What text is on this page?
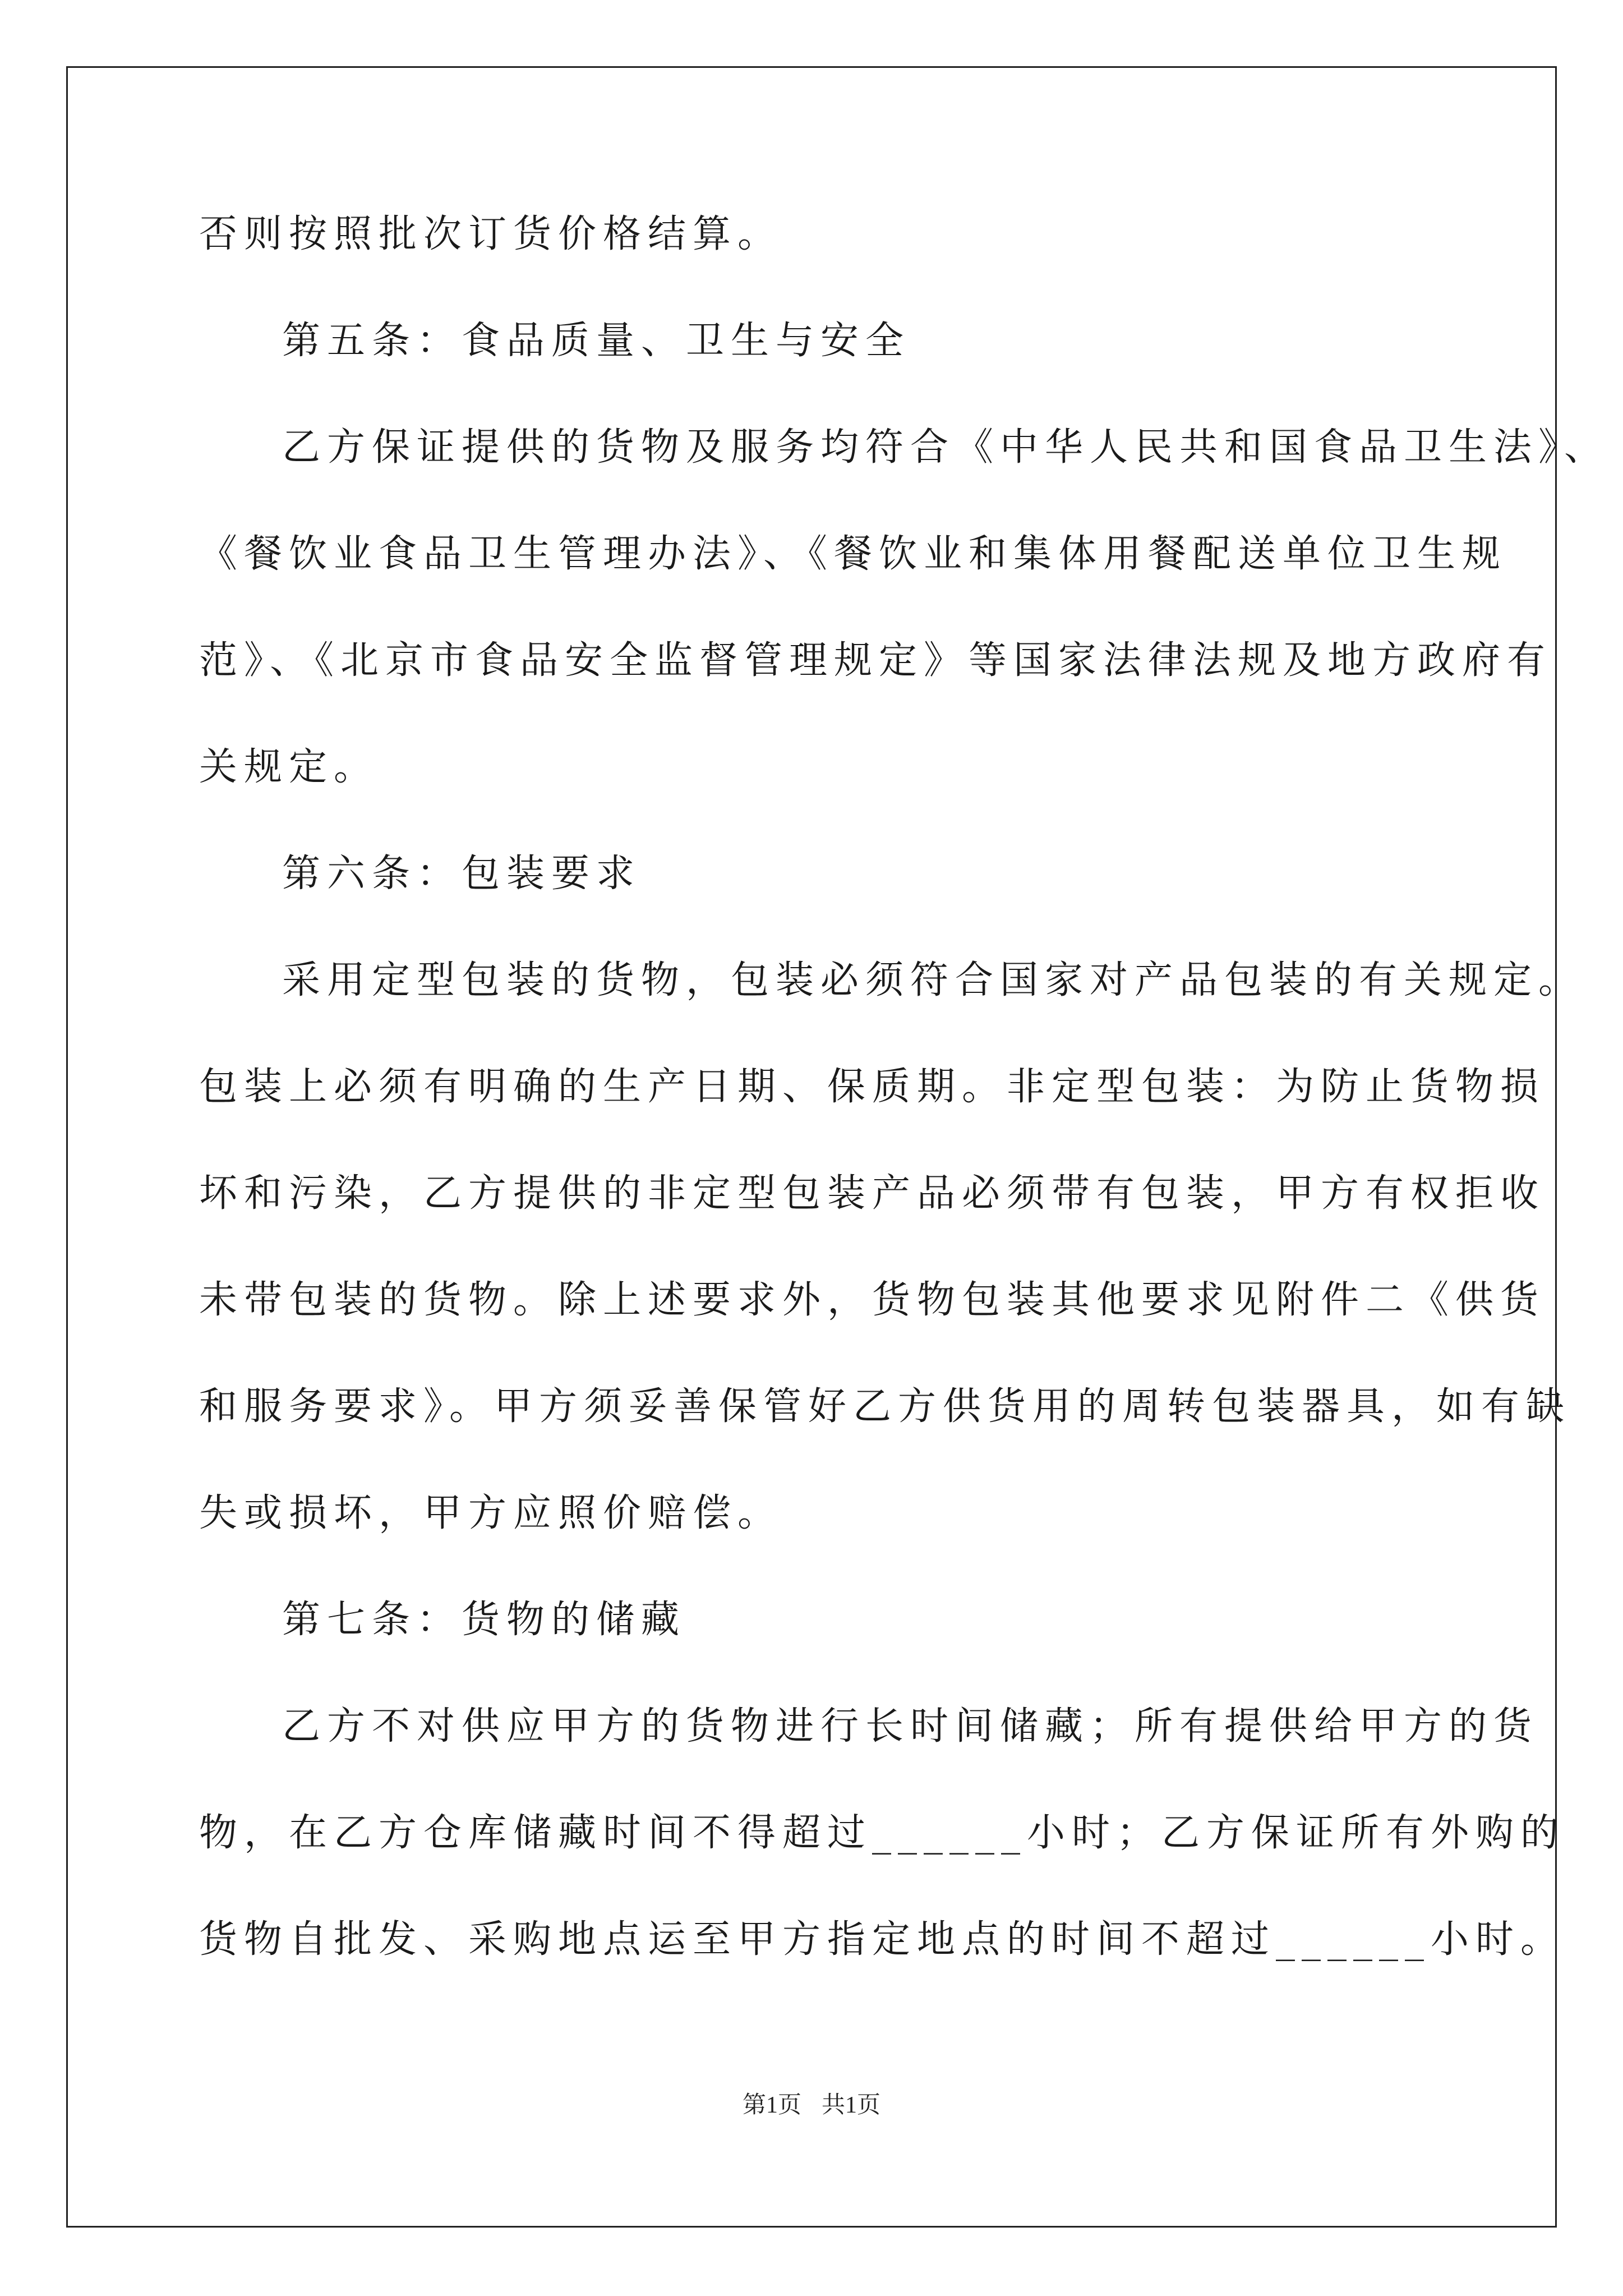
否则按照批次订货价格结算。
第五条：食品质量、卫生与安全
乙方保证提供的货物及服务均符合《中华人民共和国食品卫生法》、
《餐饮业食品卫生管理办法》、《餐饮业和集体用餐配送单位卫生规
范》、《北京市食品安全监督管理规定》等国家法律法规及地方政府有
关规定。
第六条：包装要求
采用定型包装的货物，包装必须符合国家对产品包装的有关规定。
包装上必须有明确的生产日期、保质期。非定型包装：为防止货物损
坏和污染，乙方提供的非定型包装产品必须带有包装，甲方有权拒收
未带包装的货物。除上述要求外，货物包装其他要求见附件二《供货
和服务要求》。甲方须妥善保管好乙方供货用的周转包装器具，如有缺
失或损坏，甲方应照价赔偿。
第七条：货物的储藏
乙方不对供应甲方的货物进行长时间储藏；所有提供给甲方的货
物，在乙方仓库储藏时间不得超过______小时；乙方保证所有外购的
货物自批发、采购地点运至甲方指定地点的时间不超过______小时。
第1页 共1页
